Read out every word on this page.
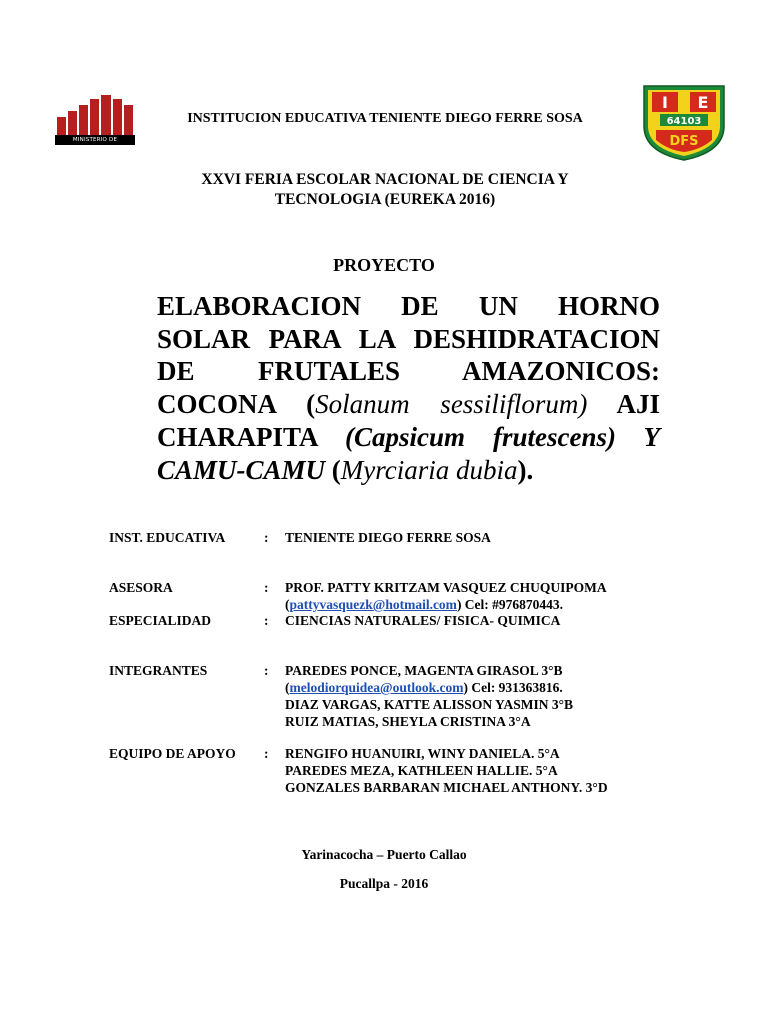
MINISTERIO DE EDUCACION
I E
64103
DFS
INSTITUCION EDUCATIVA TENIENTE DIEGO FERRE SOSA
XXVI FERIA ESCOLAR NACIONAL DE CIENCIA Y
TECNOLOGIA (EUREKA 2016)
PROYECTO
ELABORACION DE UN HORNO
SOLAR PARA LA DESHIDRATACION
DE FRUTALES AMAZONICOS:
COCONA (Solanum sessiliflorum) AJI
CHARAPITA (Capsicum frutescens) Y
CAMU-CAMU (Myrciaria dubia).
INST. EDUCATIVA	: TENIENTE DIEGO FERRE SOSA
ASESORA	: PROF. PATTY KRITZAM VASQUEZ CHUQUIPOMA
(pattyvasquezk@hotmail.com) Cel: #976870443.
ESPECIALIDAD	: CIENCIAS NATURALES/ FISICA- QUIMICA
INTEGRANTES	: PAREDES PONCE, MAGENTA GIRASOL 3°B
(melodiorquidea@outlook.com) Cel: 931363816.
DIAZ VARGAS, KATTE ALISSON YASMIN 3°B
RUIZ MATIAS, SHEYLA CRISTINA 3°A
EQUIPO DE APOYO : RENGIFO HUANUIRI, WINY DANIELA. 5°A
PAREDES MEZA, KATHLEEN HALLIE. 5°A
GONZALES BARBARAN MICHAEL ANTHONY. 3°D
Yarinacocha – Puerto Callao
Pucallpa - 2016
